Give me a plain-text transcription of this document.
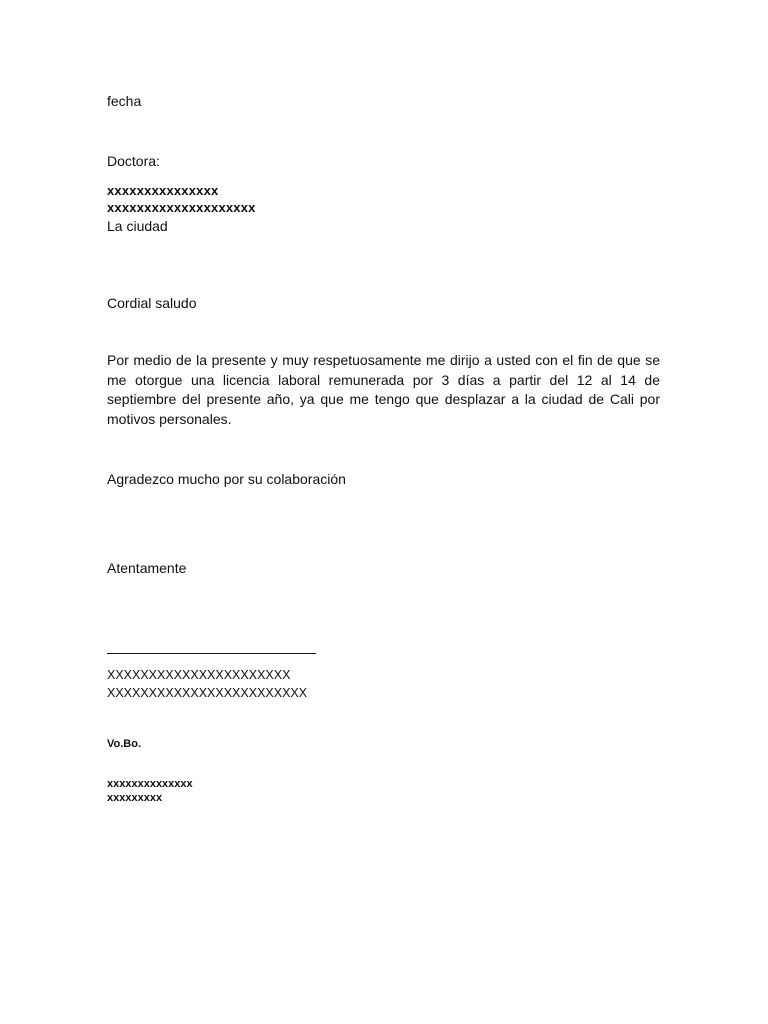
fecha
Doctora:
xxxxxxxxxxxxxxx
xxxxxxxxxxxxxxxxxxxx
La ciudad
Cordial saludo
Por medio de la presente y muy respetuosamente me dirijo a usted con el fin de que se me otorgue una licencia laboral remunerada por 3 días a partir del 12 al 14 de septiembre del presente año, ya que me tengo que desplazar a la ciudad de Cali por motivos personales.
Agradezco mucho por su colaboración
Atentamente
XXXXXXXXXXXXXXXXXXXXXX
XXXXXXXXXXXXXXXXXXXXXXXX
Vo.Bo.
xxxxxxxxxxxxxx
xxxxxxxxx
